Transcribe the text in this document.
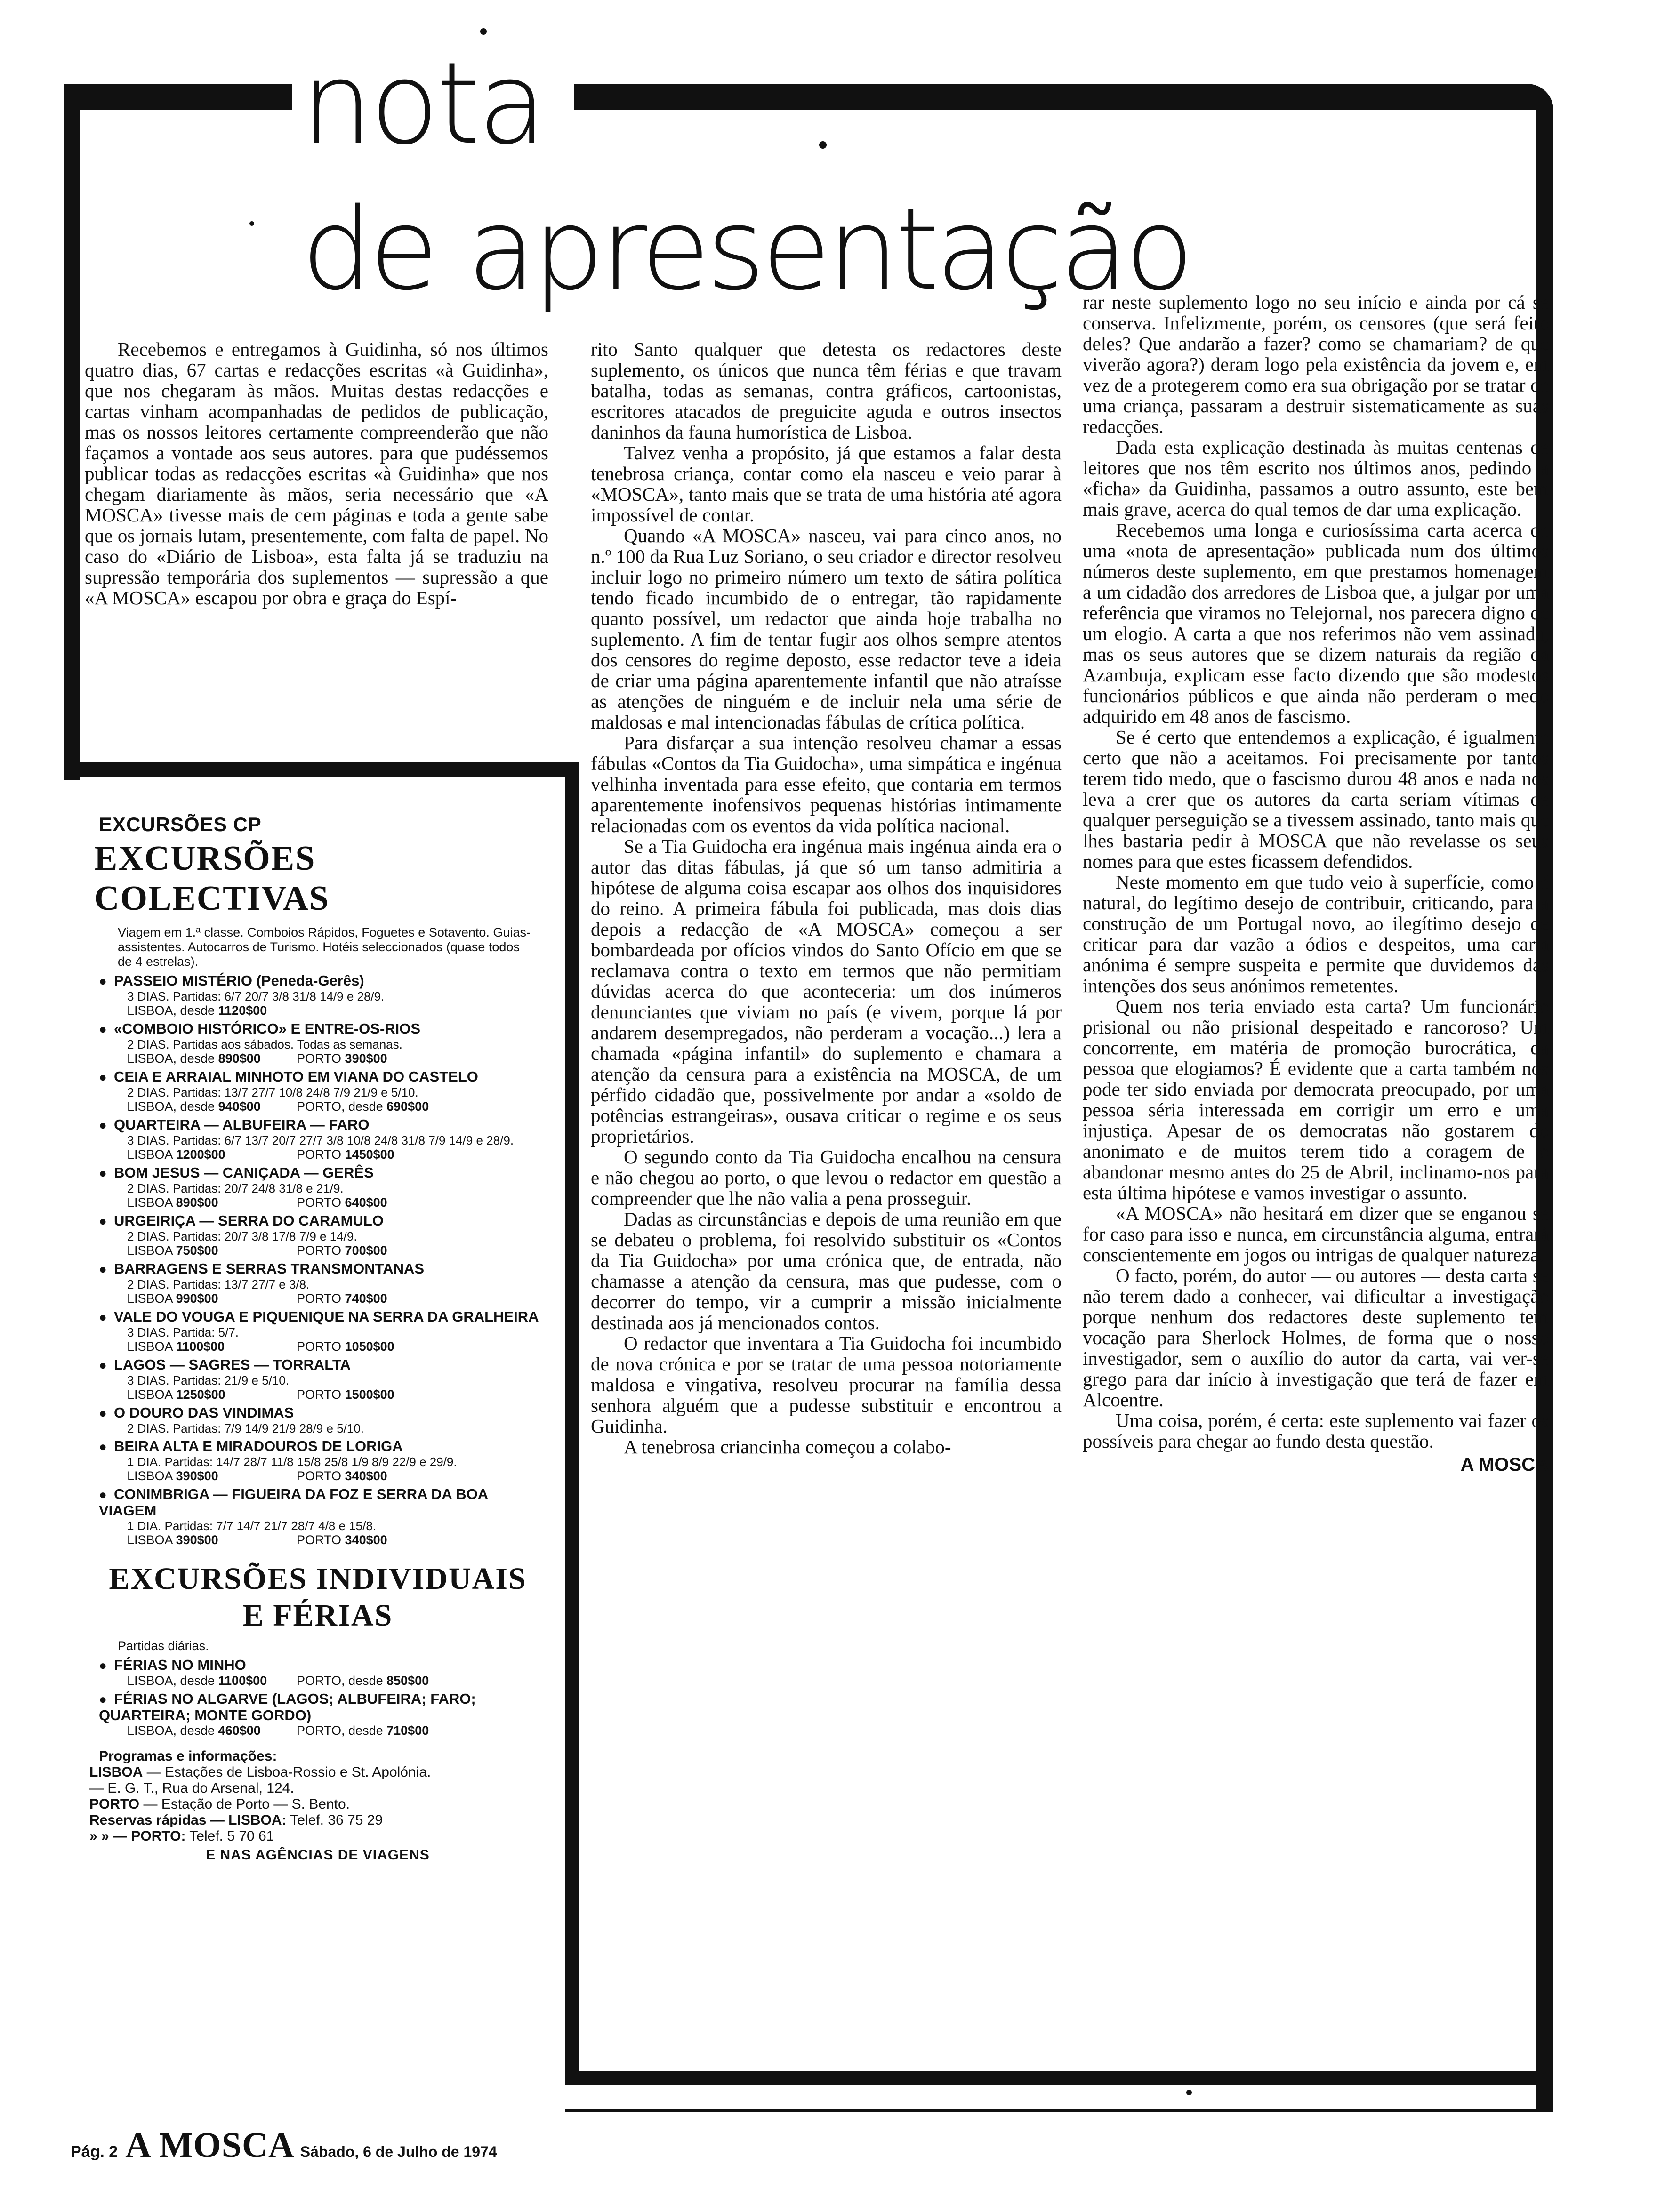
nota
de apresentação

Recebemos e entregamos à Guidinha, só nos últimos quatro dias, 67 cartas e redacções escritas «à Guidinha», que nos chegaram às mãos. Muitas destas redacções e cartas vinham acompanhadas de pedidos de publicação, mas os nossos leitores certamente compreenderão que não façamos a vontade aos seus autores. para que pudéssemos publicar todas as redacções escritas «à Guidinha» que nos chegam diariamente às mãos, seria necessário que «A MOSCA» tivesse mais de cem páginas e toda a gente sabe que os jornais lutam, presentemente, com falta de papel. No caso do «Diário de Lisboa», esta falta já se traduziu na supressão temporária dos suplementos — supressão a que «A MOSCA» escapou por obra e graça do Espí-

rito Santo qualquer que detesta os redactores deste suplemento, os únicos que nunca têm férias e que travam batalha, todas as semanas, contra gráficos, cartoonistas, escritores atacados de preguicite aguda e outros insectos daninhos da fauna humorística de Lisboa.

Talvez venha a propósito, já que estamos a falar desta tenebrosa criança, contar como ela nasceu e veio parar à «MOSCA», tanto mais que se trata de uma história até agora impossível de contar.

Quando «A MOSCA» nasceu, vai para cinco anos, no n.º 100 da Rua Luz Soriano, o seu criador e director resolveu incluir logo no primeiro número um texto de sátira política tendo ficado incumbido de o entregar, tão rapidamente quanto possível, um redactor que ainda hoje trabalha no suplemento. A fim de tentar fugir aos olhos sempre atentos dos censores do regime deposto, esse redactor teve a ideia de criar uma página aparentemente infantil que não atraísse as atenções de ninguém e de incluir nela uma série de maldosas e mal intencionadas fábulas de crítica política.

Para disfarçar a sua intenção resolveu chamar a essas fábulas «Contos da Tia Guidocha», uma simpática e ingénua velhinha inventada para esse efeito, que contaria em termos aparentemente inofensivos pequenas histórias intimamente relacionadas com os eventos da vida política nacional.

Se a Tia Guidocha era ingénua mais ingénua ainda era o autor das ditas fábulas, já que só um tanso admitiria a hipótese de alguma coisa escapar aos olhos dos inquisidores do reino. A primeira fábula foi publicada, mas dois dias depois a redacção de «A MOSCA» começou a ser bombardeada por ofícios vindos do Santo Ofício em que se reclamava contra o texto em termos que não permitiam dúvidas acerca do que aconteceria: um dos inúmeros denunciantes que viviam no país (e vivem, porque lá por andarem desempregados, não perderam a vocação...) lera a chamada «página infantil» do suplemento e chamara a atenção da censura para a existência na MOSCA, de um pérfido cidadão que, possivelmente por andar a «soldo de potências estrangeiras», ousava criticar o regime e os seus proprietários.

O segundo conto da Tia Guidocha encalhou na censura e não chegou ao porto, o que levou o redactor em questão a compreender que lhe não valia a pena prosseguir.

Dadas as circunstâncias e depois de uma reunião em que se debateu o problema, foi resolvido substituir os «Contos da Tia Guidocha» por uma crónica que, de entrada, não chamasse a atenção da censura, mas que pudesse, com o decorrer do tempo, vir a cumprir a missão inicialmente destinada aos já mencionados contos.

O redactor que inventara a Tia Guidocha foi incumbido de nova crónica e por se tratar de uma pessoa notoriamente maldosa e vingativa, resolveu procurar na família dessa senhora alguém que a pudesse substituir e encontrou a Guidinha.

A tenebrosa criancinha começou a colabo-

rar neste suplemento logo no seu início e ainda por cá se conserva. Infelizmente, porém, os censores (que será feito deles? Que andarão a fazer? como se chamariam? de que viverão agora?) deram logo pela existência da jovem e, em vez de a protegerem como era sua obrigação por se tratar de uma criança, passaram a destruir sistematicamente as suas redacções.

Dada esta explicação destinada às muitas centenas de leitores que nos têm escrito nos últimos anos, pedindo a «ficha» da Guidinha, passamos a outro assunto, este bem mais grave, acerca do qual temos de dar uma explicação.

Recebemos uma longa e curiosíssima carta acerca de uma «nota de apresentação» publicada num dos últimos números deste suplemento, em que prestamos homenagem a um cidadão dos arredores de Lisboa que, a julgar por uma referência que viramos no Telejornal, nos parecera digno de um elogio. A carta a que nos referimos não vem assinada, mas os seus autores que se dizem naturais da região da Azambuja, explicam esse facto dizendo que são modestos funcionários públicos e que ainda não perderam o medo adquirido em 48 anos de fascismo.

Se é certo que entendemos a explicação, é igualmente certo que não a aceitamos. Foi precisamente por tantos terem tido medo, que o fascismo durou 48 anos e nada nos leva a crer que os autores da carta seriam vítimas de qualquer perseguição se a tivessem assinado, tanto mais que lhes bastaria pedir à MOSCA que não revelasse os seus nomes para que estes ficassem defendidos.

Neste momento em que tudo veio à superfície, como é natural, do legítimo desejo de contribuir, criticando, para a construção de um Portugal novo, ao ilegítimo desejo de criticar para dar vazão a ódios e despeitos, uma carta anónima é sempre suspeita e permite que duvidemos das intenções dos seus anónimos remetentes.

Quem nos teria enviado esta carta? Um funcionário prisional ou não prisional despeitado e rancoroso? Um concorrente, em matéria de promoção burocrática, da pessoa que elogiamos? É evidente que a carta também nos pode ter sido enviada por democrata preocupado, por uma pessoa séria interessada em corrigir um erro e uma injustiça. Apesar de os democratas não gostarem do anonimato e de muitos terem tido a coragem de o abandonar mesmo antes do 25 de Abril, inclinamo-nos para esta última hipótese e vamos investigar o assunto.

«A MOSCA» não hesitará em dizer que se enganou se for caso para isso e nunca, em circunstância alguma, entrará conscientemente em jogos ou intrigas de qualquer natureza.

O facto, porém, do autor — ou autores — desta carta se não terem dado a conhecer, vai dificultar a investigação porque nenhum dos redactores deste suplemento tem vocação para Sherlock Holmes, de forma que o nosso investigador, sem o auxílio do autor da carta, vai ver-se grego para dar início à investigação que terá de fazer em Alcoentre.

Uma coisa, porém, é certa: este suplemento vai fazer os possíveis para chegar ao fundo desta questão.

A MOSCA
EXCURSÕES CP
EXCURSÕES COLECTIVAS
Viagem em 1.ª classe. Comboios Rápidos, Foguetes e Sotavento. Guias-assistentes. Autocarros de Turismo. Hotéis seleccionados (quase todos de 4 estrelas).
● PASSEIO MISTÉRIO (Peneda-Gerês)
3 DIAS. Partidas: 6/7 20/7 3/8 31/8 14/9 e 28/9.
LISBOA, desde 1120$00
● «COMBOIO HISTÓRICO» E ENTRE-OS-RIOS
2 DIAS. Partidas aos sábados. Todas as semanas.
LISBOA, desde 890$00	PORTO 390$00
● CEIA E ARRAIAL MINHOTO EM VIANA DO CASTELO
2 DIAS. Partidas: 13/7 27/7 10/8 24/8 7/9 21/9 e 5/10.
LISBOA, desde 940$00	PORTO, desde 690$00
● QUARTEIRA — ALBUFEIRA — FARO
3 DIAS. Partidas: 6/7 13/7 20/7 27/7 3/8 10/8 24/8 31/8 7/9 14/9 e 28/9.
LISBOA 1200$00	PORTO 1450$00
● BOM JESUS — CANIÇADA — GERÊS
2 DIAS. Partidas: 20/7 24/8 31/8 e 21/9.
LISBOA 890$00	PORTO 640$00
● URGEIRIÇA — SERRA DO CARAMULO
2 DIAS. Partidas: 20/7 3/8 17/8 7/9 e 14/9.
LISBOA 750$00	PORTO 700$00
● BARRAGENS E SERRAS TRANSMONTANAS
2 DIAS. Partidas: 13/7 27/7 e 3/8.
LISBOA 990$00	PORTO 740$00
● VALE DO VOUGA E PIQUENIQUE NA SERRA DA GRALHEIRA
3 DIAS. Partida: 5/7.
LISBOA 1100$00	PORTO 1050$00
● LAGOS — SAGRES — TORRALTA
3 DIAS. Partidas: 21/9 e 5/10.
LISBOA 1250$00	PORTO 1500$00
● O DOURO DAS VINDIMAS
2 DIAS. Partidas: 7/9 14/9 21/9 28/9 e 5/10.
● BEIRA ALTA E MIRADOUROS DE LORIGA
1 DIA. Partidas: 14/7 28/7 11/8 15/8 25/8 1/9 8/9 22/9 e 29/9.
LISBOA 390$00	PORTO 340$00
● CONIMBRIGA — FIGUEIRA DA FOZ E SERRA DA BOA VIAGEM
1 DIA. Partidas: 7/7 14/7 21/7 28/7 4/8 e 15/8.
LISBOA 390$00	PORTO 340$00
EXCURSÕES INDIVIDUAIS
E FÉRIAS
Partidas diárias.
● FÉRIAS NO MINHO
LISBOA, desde 1100$00	PORTO, desde 850$00
● FÉRIAS NO ALGARVE (LAGOS; ALBUFEIRA; FARO; QUARTEIRA; MONTE GORDO)
LISBOA, desde 460$00	PORTO, desde 710$00
Programas e informações:
LISBOA — Estações de Lisboa-Rossio e St. Apolónia.
— E. G. T., Rua do Arsenal, 124.
PORTO — Estação de Porto — S. Bento.
Reservas rápidas — LISBOA: Telef. 36 75 29
» » — PORTO: Telef. 5 70 61
E NAS AGÊNCIAS DE VIAGENS
Pág. 2 A MOSCA Sábado, 6 de Julho de 1974
